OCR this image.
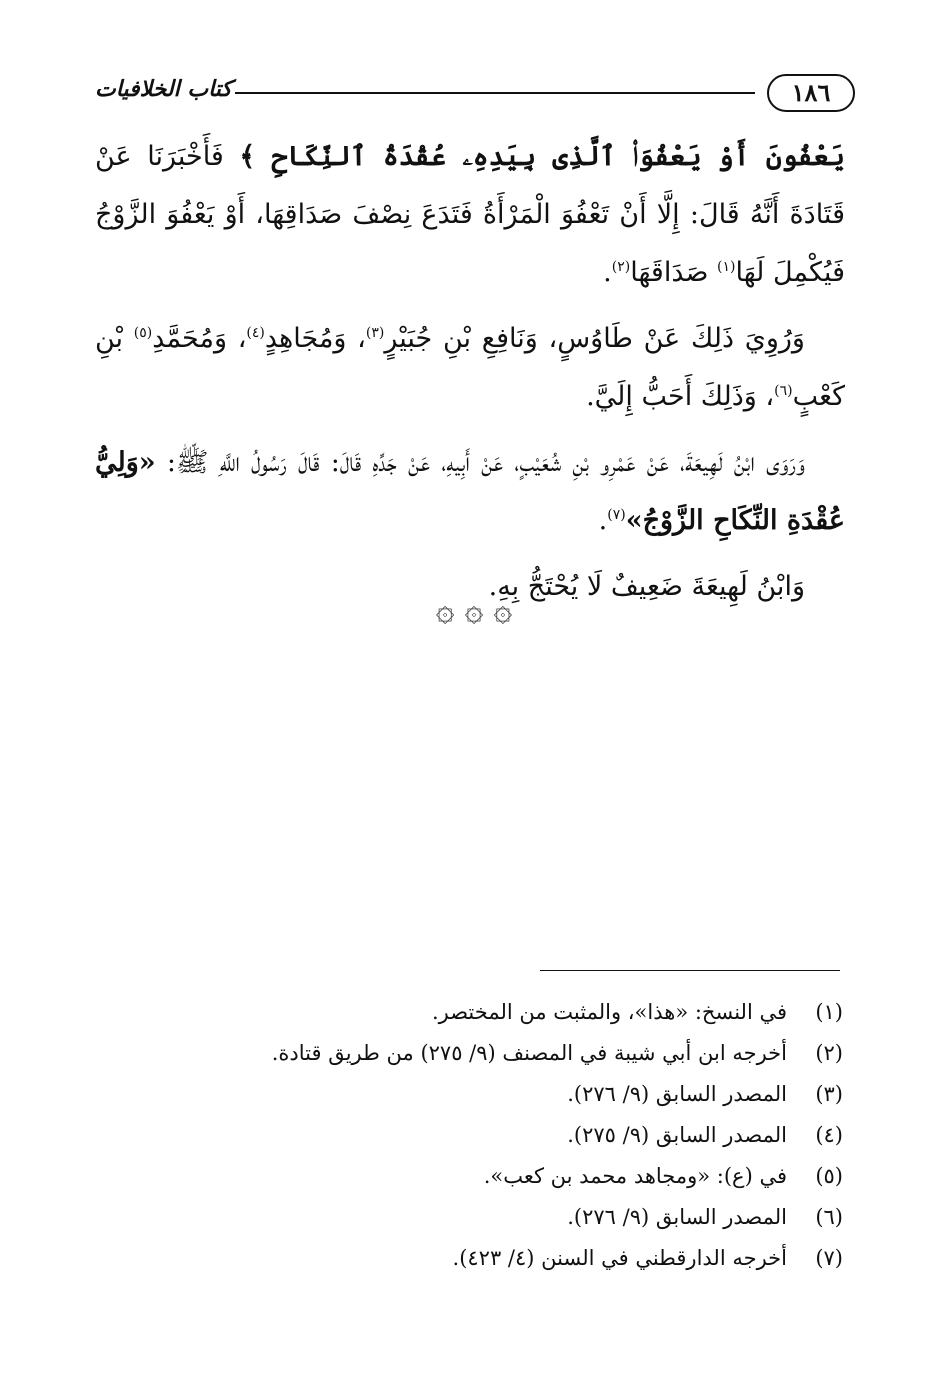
١٨٦
كتاب الخلافيات

يَعْفُونَ أَوْ يَعْفُوَا۟ ٱلَّذِى بِيَدِهِۦ عُقْدَةُ ٱلنِّكَاحِ ﴾ فَأَخْبَرَنَا عَنْ قَتَادَةَ أَنَّهُ قَالَ: إِلَّا أَنْ تَعْفُوَ الْمَرْأَةُ فَتَدَعَ نِصْفَ صَدَاقِهَا، أَوْ يَعْفُوَ الزَّوْجُ فَيُكْمِلَ لَهَا$^{(١)}$ صَدَاقَهَا$^{(٢)}$.

وَرُوِيَ ذَلِكَ عَنْ طَاوُسٍ، وَنَافِعِ بْنِ جُبَيْرٍ$^{(٣)}$، وَمُجَاهِدٍ$^{(٤)}$، وَمُحَمَّدِ$^{(٥)}$ بْنِ كَعْبٍ$^{(٦)}$، وَذَلِكَ أَحَبُّ إِلَيَّ.

وَرَوَى ابْنُ لَهِيعَةَ، عَنْ عَمْرِو بْنِ شُعَيْبٍ، عَنْ أَبِيهِ، عَنْ جَدِّهِ قَالَ: قَالَ رَسُولُ اللَّهِ ﷺ: «وَلِيُّ عُقْدَةِ النِّكَاحِ الزَّوْجُ»$^{(٧)}$.

وَابْنُ لَهِيعَةَ ضَعِيفٌ لَا يُحْتَجُّ بِهِ.

۞ ۞ ۞
(١)
في النسخ: «هذا»، والمثبت من المختصر.
(٢)
أخرجه ابن أبي شيبة في المصنف (٩/ ٢٧٥) من طريق قتادة.
(٣)
المصدر السابق (٩/ ٢٧٦).
(٤)
المصدر السابق (٩/ ٢٧٥).
(٥)
في (ع): «ومجاهد محمد بن كعب».
(٦)
المصدر السابق (٩/ ٢٧٦).
(٧)
أخرجه الدارقطني في السنن (٤/ ٤٢٣).
